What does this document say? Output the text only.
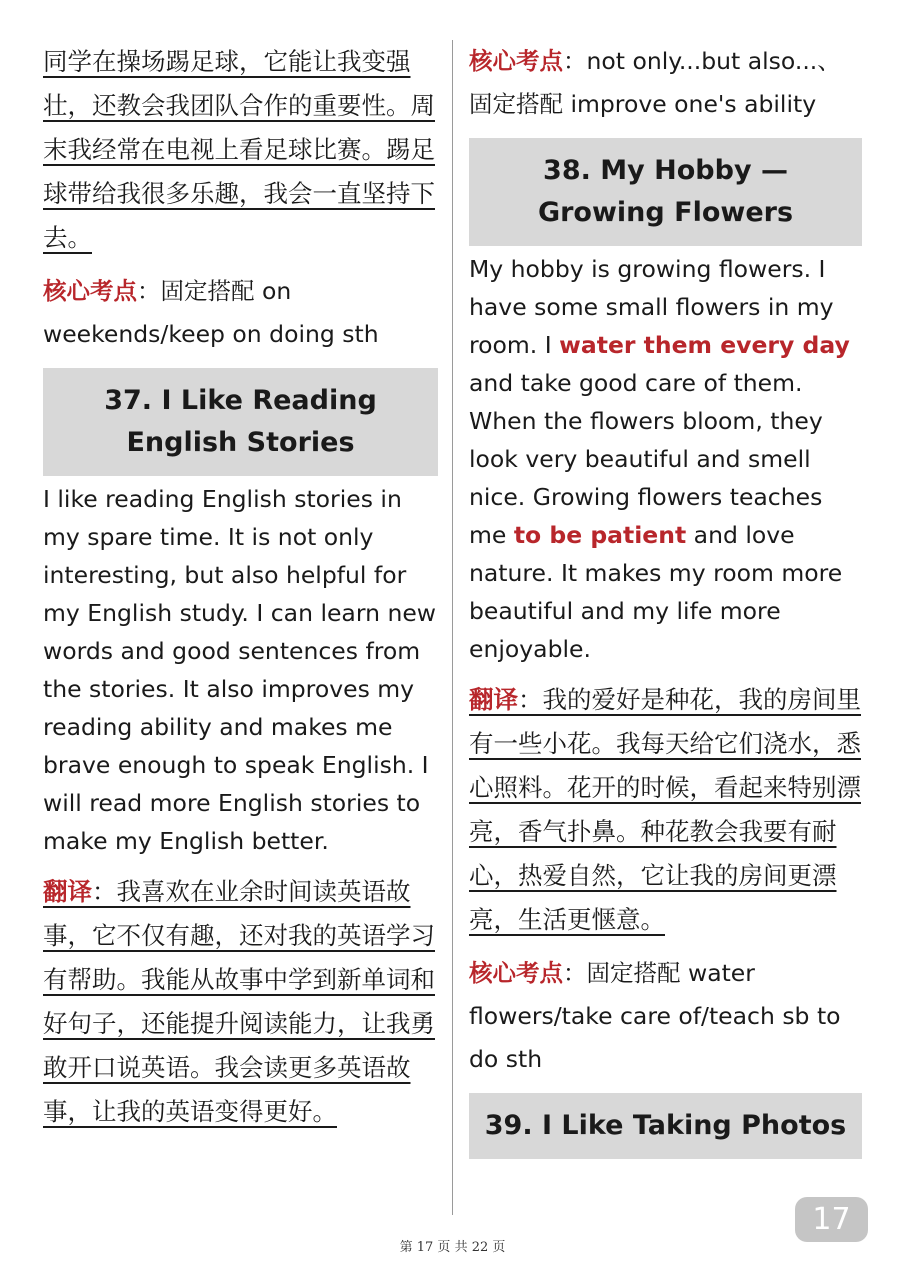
同学在操场踢足球，它能让我变强壮，还教会我团队合作的重要性。周末我经常在电视上看足球比赛。踢足球带给我很多乐趣，我会一直坚持下去。

核心考点：固定搭配 on weekends/keep on doing sth

37. I Like Reading English Stories

I like reading English stories in my spare time. It is not only interesting, but also helpful for my English study. I can learn new words and good sentences from the stories. It also improves my reading ability and makes me brave enough to speak English. I will read more English stories to make my English better.

翻译：我喜欢在业余时间读英语故事，它不仅有趣，还对我的英语学习有帮助。我能从故事中学到新单词和好句子，还能提升阅读能力，让我勇敢开口说英语。我会读更多英语故事，让我的英语变得更好。

核心考点：not only...but also...、固定搭配 improve one's ability

38. My Hobby — Growing Flowers

My hobby is growing flowers. I have some small flowers in my room. I water them every day and take good care of them. When the flowers bloom, they look very beautiful and smell nice. Growing flowers teaches me to be patient and love nature. It makes my room more beautiful and my life more enjoyable.

翻译：我的爱好是种花，我的房间里有一些小花。我每天给它们浇水，悉心照料。花开的时候，看起来特别漂亮，香气扑鼻。种花教会我要有耐心，热爱自然，它让我的房间更漂亮，生活更惬意。

核心考点：固定搭配 water flowers/take care of/teach sb to do sth

39. I Like Taking Photos
17
第 17 页 共 22 页
